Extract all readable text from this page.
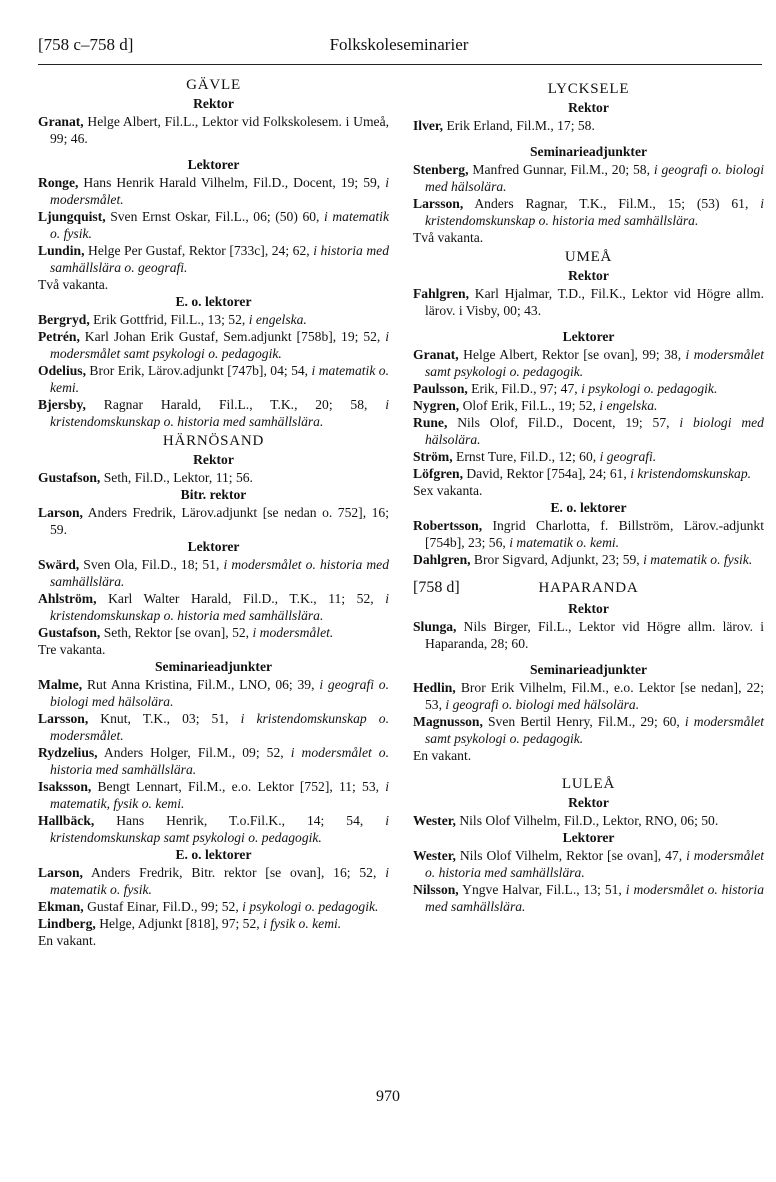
[758 c–758 d]	Folkskoleseminarier
GÄVLE
Rektor
Granat, Helge Albert, Fil.L., Lektor vid Folkskolesem. i Umeå, 99; 46.
Lektorer
Ronge, Hans Henrik Harald Vilhelm, Fil.D., Docent, 19; 59, i modersmålet.
Ljungquist, Sven Ernst Oskar, Fil.L., 06; (50) 60, i matematik o. fysik.
Lundin, Helge Per Gustaf, Rektor [733c], 24; 62, i historia med samhällslära o. geografi.
Två vakanta.
E. o. lektorer
Bergryd, Erik Gottfrid, Fil.L., 13; 52, i engelska.
Petrén, Karl Johan Erik Gustaf, Sem.adjunkt [758b], 19; 52, i modersmålet samt psykologi o. pedagogik.
Odelius, Bror Erik, Lärov.adjunkt [747b], 04; 54, i matematik o. kemi.
Bjersby, Ragnar Harald, Fil.L., T.K., 20; 58, i kristendomskunskap o. historia med samhällslära.
HÄRNÖSAND
Rektor
Gustafson, Seth, Fil.D., Lektor, 11; 56.
Bitr. rektor
Larson, Anders Fredrik, Lärov.adjunkt [se nedan o. 752], 16; 59.
Lektorer
Swärd, Sven Ola, Fil.D., 18; 51, i modersmålet o. historia med samhällslära.
Ahlström, Karl Walter Harald, Fil.D., T.K., 11; 52, i kristendomskunskap o. historia med samhällslära.
Gustafson, Seth, Rektor [se ovan], 52, i modersmålet.
Tre vakanta.
Seminarieadjunkter
Malme, Rut Anna Kristina, Fil.M., LNO, 06; 39, i geografi o. biologi med hälsolära.
Larsson, Knut, T.K., 03; 51, i kristendomskunskap o. modersmålet.
Rydzelius, Anders Holger, Fil.M., 09; 52, i modersmålet o. historia med samhällslära.
Isaksson, Bengt Lennart, Fil.M., e.o. Lektor [752], 11; 53, i matematik, fysik o. kemi.
Hallbäck, Hans Henrik, T.o.Fil.K., 14; 54, i kristendomskunskap samt psykologi o. pedagogik.
E. o. lektorer
Larson, Anders Fredrik, Bitr. rektor [se ovan], 16; 52, i matematik o. fysik.
Ekman, Gustaf Einar, Fil.D., 99; 52, i psykologi o. pedagogik.
Lindberg, Helge, Adjunkt [818], 97; 52, i fysik o. kemi.
En vakant.
LYCKSELE
Rektor
Ilver, Erik Erland, Fil.M., 17; 58.
Seminarieadjunkter
Stenberg, Manfred Gunnar, Fil.M., 20; 58, i geografi o. biologi med hälsolära.
Larsson, Anders Ragnar, T.K., Fil.M., 15; (53) 61, i kristendomskunskap o. historia med samhällslära.
Två vakanta.
UMEÅ
Rektor
Fahlgren, Karl Hjalmar, T.D., Fil.K., Lektor vid Högre allm. lärov. i Visby, 00; 43.
Lektorer
Granat, Helge Albert, Rektor [se ovan], 99; 38, i modersmålet samt psykologi o. pedagogik.
Paulsson, Erik, Fil.D., 97; 47, i psykologi o. pedagogik.
Nygren, Olof Erik, Fil.L., 19; 52, i engelska.
Rune, Nils Olof, Fil.D., Docent, 19; 57, i biologi med hälsolära.
Ström, Ernst Ture, Fil.D., 12; 60, i geografi.
Löfgren, David, Rektor [754a], 24; 61, i kristendomskunskap.
Sex vakanta.
E. o. lektorer
Robertsson, Ingrid Charlotta, f. Billström, Lärov.-adjunkt [754b], 23; 56, i matematik o. kemi.
Dahlgren, Bror Sigvard, Adjunkt, 23; 59, i matematik o. fysik.
[758 d]	HAPARANDA
Rektor
Slunga, Nils Birger, Fil.L., Lektor vid Högre allm. lärov. i Haparanda, 28; 60.
Seminarieadjunkter
Hedlin, Bror Erik Vilhelm, Fil.M., e.o. Lektor [se nedan], 22; 53, i geografi o. biologi med hälsolära.
Magnusson, Sven Bertil Henry, Fil.M., 29; 60, i modersmålet samt psykologi o. pedagogik.
En vakant.
LULEÅ
Rektor
Wester, Nils Olof Vilhelm, Fil.D., Lektor, RNO, 06; 50.
Lektorer
Wester, Nils Olof Vilhelm, Rektor [se ovan], 47, i modersmålet o. historia med samhällslära.
Nilsson, Yngve Halvar, Fil.L., 13; 51, i modersmålet o. historia med samhällslära.
970
